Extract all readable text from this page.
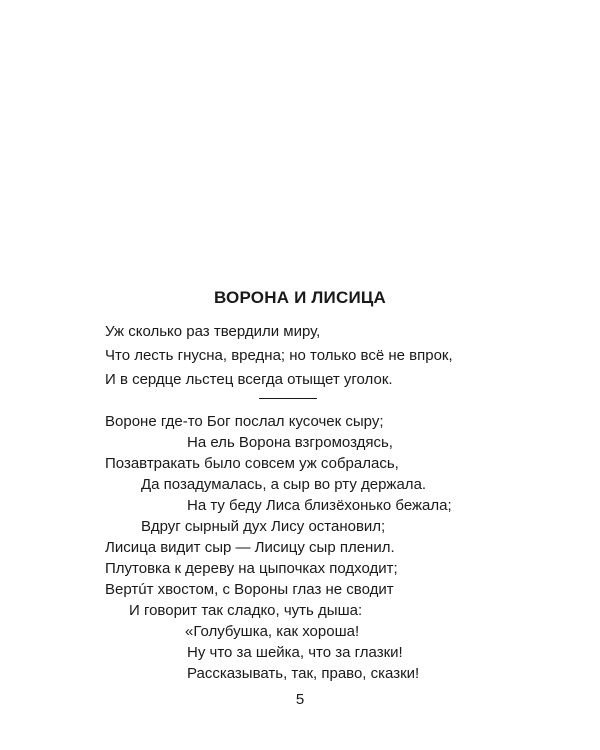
ВОРОНА И ЛИСИЦА
Уж сколько раз твердили миру,
Что лесть гнусна, вредна; но только всё не впрок,
И в сердце льстец всегда отыщет уголок.
Вороне где-то Бог послал кусочек сыру;
На ель Ворона взгромоздясь,
Позавтракать было совсем уж собралась,
Да позадумалась, а сыр во рту держала.
На ту беду Лиса близёхонько бежала;
Вдруг сырный дух Лису остановил;
Лисица видит сыр — Лисицу сыр пленил.
Плутовка к дереву на цыпочках подходит;
Вертúт хвостом, с Вороны глаз не сводит
И говорит так сладко, чуть дыша:
«Голубушка, как хороша!
Ну что за шейка, что за глазки!
Рассказывать, так, право, сказки!
5
